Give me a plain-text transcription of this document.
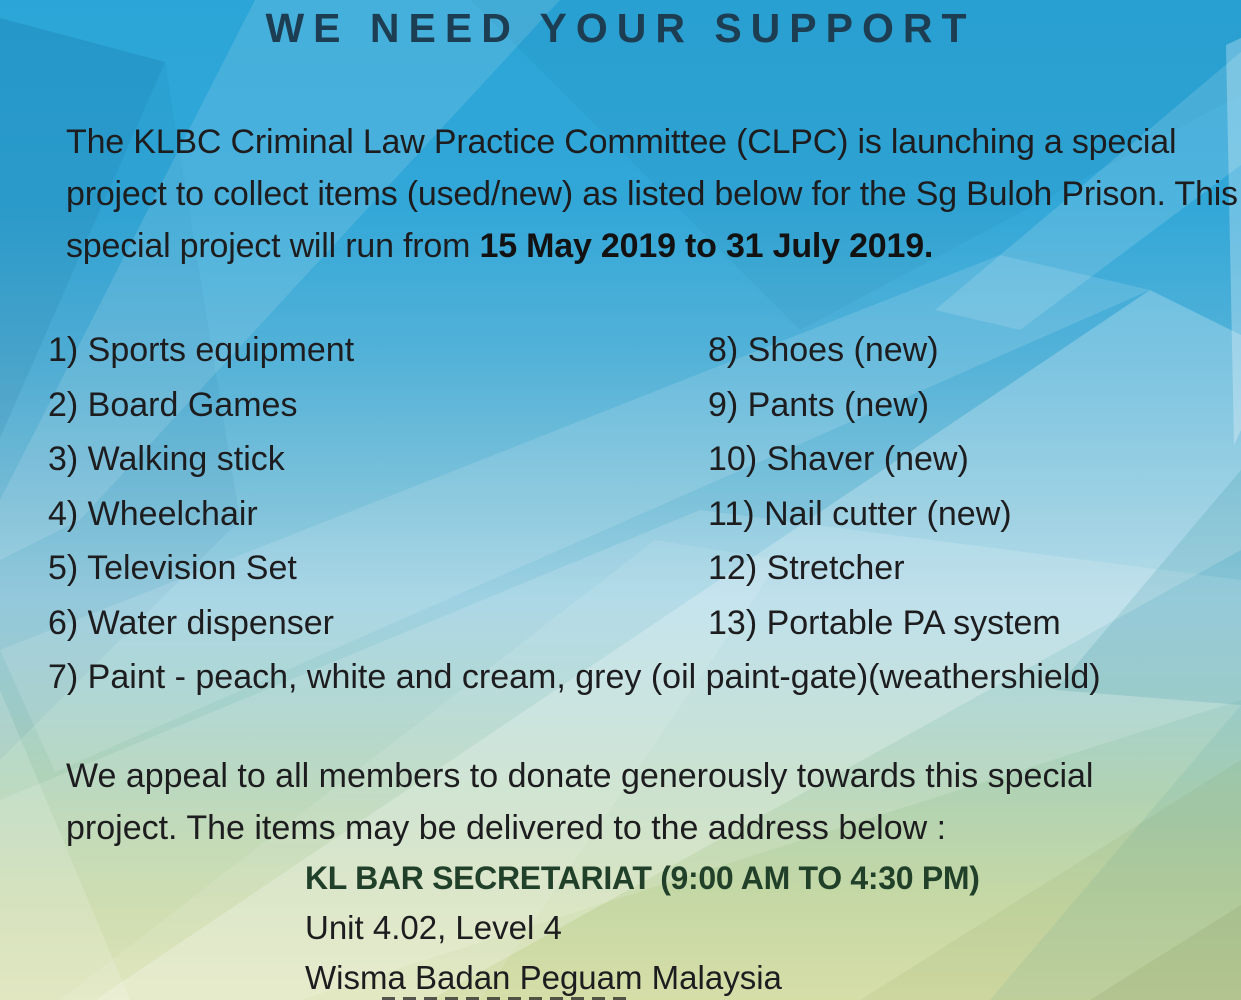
WE NEED YOUR SUPPORT

The KLBC Criminal Law Practice Committee (CLPC) is launching a special project to collect items (used/new) as listed below for the Sg Buloh Prison. This special project will run from 15 May 2019 to 31 July 2019.

1) Sports equipment
2) Board Games
3) Walking stick
4) Wheelchair
5) Television Set
6) Water dispenser
7) Paint - peach, white and cream, grey (oil paint-gate)(weathershield)
8) Shoes (new)
9) Pants (new)
10) Shaver (new)
11) Nail cutter (new)
12) Stretcher
13) Portable PA system

We appeal to all members to donate generously towards this special project. The items may be delivered to the address below :

KL BAR SECRETARIAT (9:00 AM TO 4:30 PM)
Unit 4.02, Level 4
Wisma Badan Peguam Malaysia
